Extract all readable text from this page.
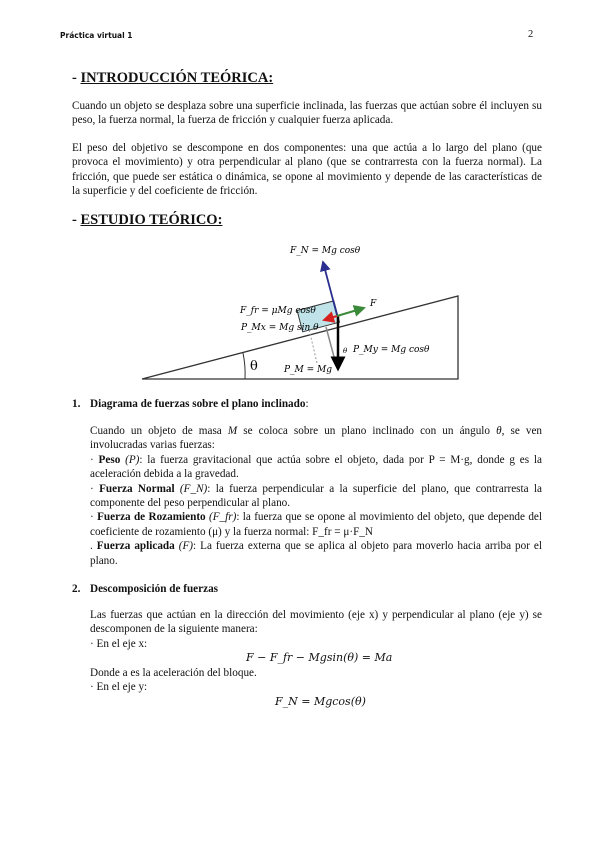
Práctica virtual 1	2
- INTRODUCCIÓN TEÓRICA:
Cuando un objeto se desplaza sobre una superficie inclinada, las fuerzas que actúan sobre él incluyen su peso, la fuerza normal, la fuerza de fricción y cualquier fuerza aplicada.
El peso del objetivo se descompone en dos componentes: una que actúa a lo largo del plano (que provoca el movimiento) y otra perpendicular al plano (que se contrarresta con la fuerza normal). La fricción, que puede ser estática o dinámica, se opone al movimiento y depende de las características de la superficie y del coeficiente de fricción.
- ESTUDIO TEÓRICO:
θ
F_N = Mg cosθ
F_fr = μMg cosθ
F
P_Mx = Mg sin θ
P_My = Mg cosθ
θ
P_M = Mg
1. Diagrama de fuerzas sobre el plano inclinado:
Cuando un objeto de masa M se coloca sobre un plano inclinado con un ángulo θ, se ven involucradas varias fuerzas:
· Peso (P): la fuerza gravitacional que actúa sobre el objeto, dada por P = M·g, donde g es la aceleración debida a la gravedad.
· Fuerza Normal (F_N): la fuerza perpendicular a la superficie del plano, que contrarresta la componente del peso perpendicular al plano.
· Fuerza de Rozamiento (F_fr): la fuerza que se opone al movimiento del objeto, que depende del coeficiente de rozamiento (μ) y la fuerza normal: F_fr = μ·F_N
. Fuerza aplicada (F): La fuerza externa que se aplica al objeto para moverlo hacia arriba por el plano.
2. Descomposición de fuerzas
Las fuerzas que actúan en la dirección del movimiento (eje x) y perpendicular al plano (eje y) se descomponen de la siguiente manera:
· En el eje x:
F − F_fr − Mgsin(θ) = Ma
Donde a es la aceleración del bloque.
· En el eje y:
F_N = Mgcos(θ)
